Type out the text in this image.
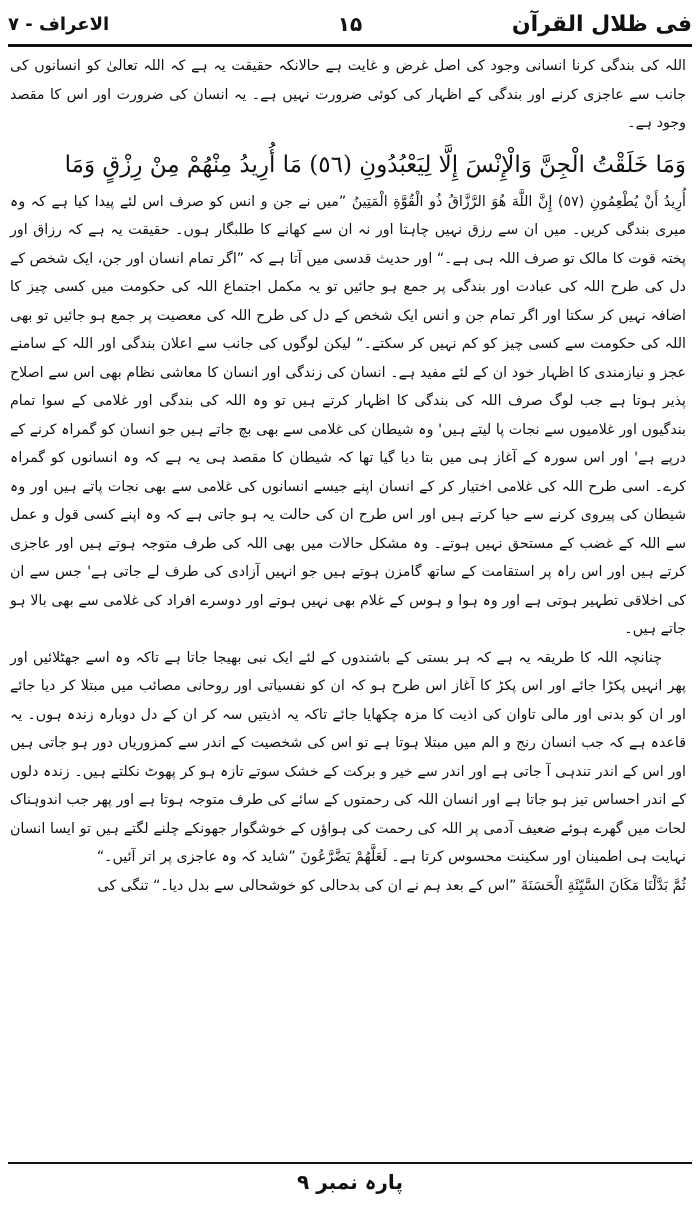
فی ظلال القرآن
۱۵
الاعراف - ۷

اللہ کی بندگی کرنا انسانی وجود کی اصل غرض و غایت ہے حالانکہ حقیقت یہ ہے کہ اللہ تعالیٰ کو انسانوں کی جانب سے عاجزی کرنے اور بندگی کے اظہار کی کوئی ضرورت نہیں ہے۔ یہ انسان کی ضرورت اور اس کا مقصد وجود ہے۔

وَمَا خَلَقْتُ الْجِنَّ وَالْإِنْسَ إِلَّا لِيَعْبُدُونِ (٥٦) مَا أُرِيدُ مِنْهُمْ مِنْ رِزْقٍ وَمَا

أُرِيدُ أَنْ يُطْعِمُونِ (٥٧) إِنَّ اللَّهَ هُوَ الرَّزَّاقُ ذُو الْقُوَّةِ الْمَتِينُ ”میں نے جن و انس کو صرف اس لئے پیدا کیا ہے کہ وہ میری بندگی کریں۔ میں ان سے رزق نہیں چاہتا اور نہ ان سے کھانے کا طلبگار ہوں۔ حقیقت یہ ہے کہ رزاق اور پختہ قوت کا مالک تو صرف اللہ ہی ہے۔“ اور حدیث قدسی میں آتا ہے کہ ”اگر تمام انسان اور جن، ایک شخص کے دل کی طرح اللہ کی عبادت اور بندگی پر جمع ہو جائیں تو یہ مکمل اجتماع اللہ کی حکومت میں کسی چیز کا اضافہ نہیں کر سکتا اور اگر تمام جن و انس ایک شخص کے دل کی طرح اللہ کی معصیت پر جمع ہو جائیں تو بھی اللہ کی حکومت سے کسی چیز کو کم نہیں کر سکتے۔“ لیکن لوگوں کی جانب سے اعلان بندگی اور اللہ کے سامنے عجز و نیازمندی کا اظہار خود ان کے لئے مفید ہے۔ انسان کی زندگی اور انسان کا معاشی نظام بھی اس سے اصلاح پذیر ہوتا ہے جب لوگ صرف اللہ کی بندگی کا اظہار کرتے ہیں تو وہ اللہ کی بندگی اور غلامی کے سوا تمام بندگیوں اور غلامیوں سے نجات پا لیتے ہیں' وہ شیطان کی غلامی سے بھی بچ جاتے ہیں جو انسان کو گمراہ کرنے کے درپے ہے' اور اس سورہ کے آغاز ہی میں بتا دیا گیا تھا کہ شیطان کا مقصد ہی یہ ہے کہ وہ انسانوں کو گمراہ کرے۔ اسی طرح اللہ کی غلامی اختیار کر کے انسان اپنے جیسے انسانوں کی غلامی سے بھی نجات پاتے ہیں اور وہ شیطان کی پیروی کرنے سے حیا کرتے ہیں اور اس طرح ان کی حالت یہ ہو جاتی ہے کہ وہ اپنے کسی قول و عمل سے اللہ کے غضب کے مستحق نہیں ہوتے۔ وہ مشکل حالات میں بھی اللہ کی طرف متوجہ ہوتے ہیں اور عاجزی کرتے ہیں اور اس راہ پر استقامت کے ساتھ گامزن ہوتے ہیں جو انہیں آزادی کی طرف لے جاتی ہے' جس سے ان کی اخلاقی تطہیر ہوتی ہے اور وہ ہوا و ہوس کے غلام بھی نہیں ہوتے اور دوسرے افراد کی غلامی سے بھی بالا ہو جاتے ہیں۔

چنانچہ اللہ کا طریقہ یہ ہے کہ ہر بستی کے باشندوں کے لئے ایک نبی بھیجا جاتا ہے تاکہ وہ اسے جھٹلائیں اور پھر انہیں پکڑا جائے اور اس پکڑ کا آغاز اس طرح ہو کہ ان کو نفسیاتی اور روحانی مصائب میں مبتلا کر دیا جائے اور ان کو بدنی اور مالی تاوان کی اذیت کا مزہ چکھایا جائے تاکہ یہ اذیتیں سہ کر ان کے دل دوبارہ زندہ ہوں۔ یہ قاعدہ ہے کہ جب انسان رنج و الم میں مبتلا ہوتا ہے تو اس کی شخصیت کے اندر سے کمزوریاں دور ہو جاتی ہیں اور اس کے اندر تندہی آ جاتی ہے اور اندر سے خیر و برکت کے خشک سوتے تازہ ہو کر پھوٹ نکلتے ہیں۔ زندہ دلوں کے اندر احساس تیز ہو جاتا ہے اور انسان اللہ کی رحمتوں کے سائے کی طرف متوجہ ہوتا ہے اور پھر جب اندوہناک لحات میں گھرے ہوئے ضعیف آدمی پر اللہ کی رحمت کی ہواؤں کے خوشگوار جھونکے چلنے لگتے ہیں تو ایسا انسان نہایت ہی اطمینان اور سکینت محسوس کرتا ہے۔ لَعَلَّهُمْ يَضَّرَّعُونَ ”شاید کہ وہ عاجزی پر اتر آئیں۔“

ثُمَّ بَدَّلْنَا مَكَانَ السَّيِّئَةِ الْحَسَنَةَ ”اس کے بعد ہم نے ان کی بدحالی کو خوشحالی سے بدل دیا۔“ تنگی کی

پارہ نمبر ۹
